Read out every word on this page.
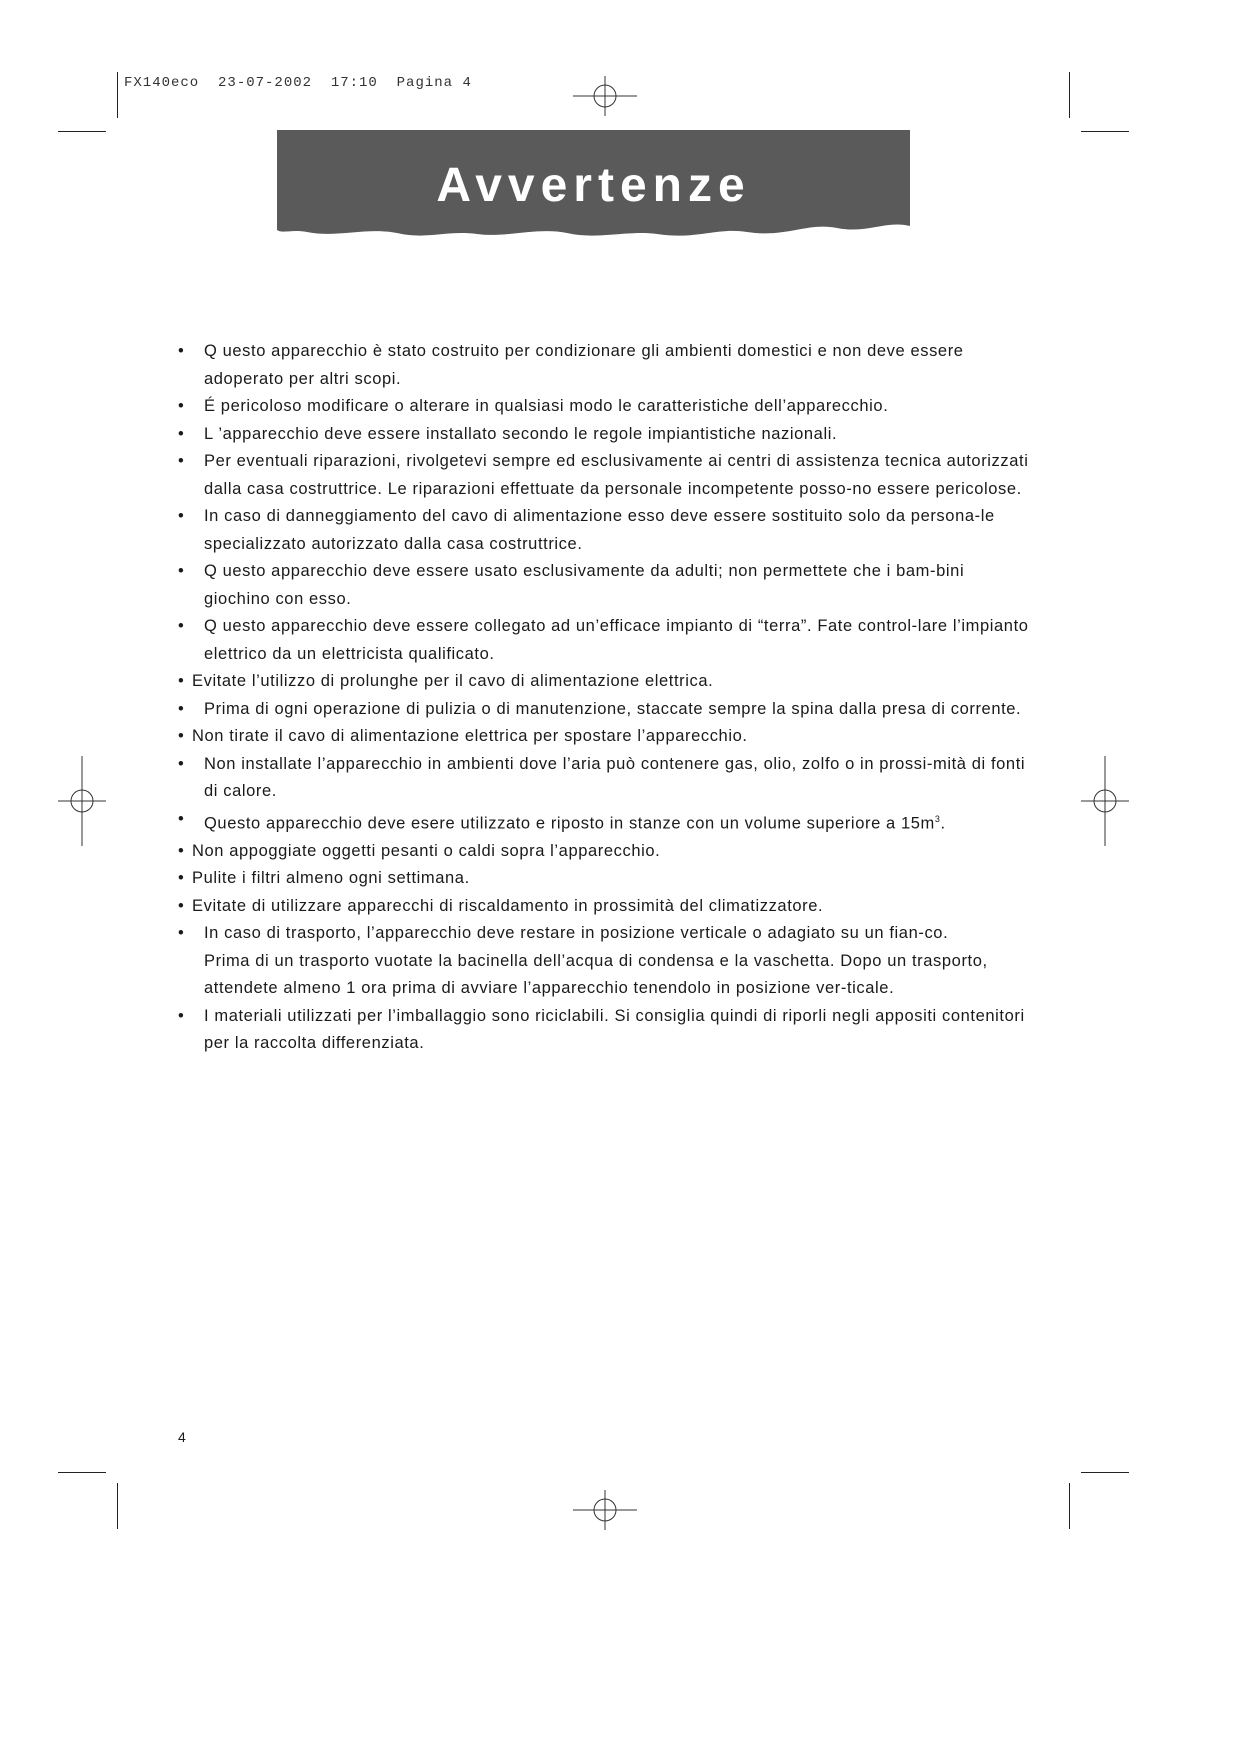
FX140eco  23-07-2002  17:10  Pagina 4
Avvertenze
• Q uesto apparecchio è stato costruito per condizionare gli ambienti domestici e non deve essere adoperato per altri scopi.
• É pericoloso modificare o alterare in qualsiasi modo le caratteristiche dell’apparecchio.
• L ’apparecchio deve essere installato secondo le regole impiantistiche nazionali.
• Per eventuali riparazioni, rivolgetevi sempre ed esclusivamente ai centri di assistenza tecnica autorizzati dalla casa costruttrice. Le riparazioni effettuate da personale incompetente posso-no essere pericolose.
• In caso di danneggiamento del cavo di alimentazione esso deve essere sostituito solo da persona-le specializzato autorizzato dalla casa costruttrice.
• Q uesto apparecchio deve essere usato esclusivamente da adulti; non permettete che i bam-bini giochino con esso.
• Q uesto apparecchio deve essere collegato ad un’efficace impianto di “terra”. Fate control-lare l’impianto elettrico da un elettricista qualificato.
• Evitate l’utilizzo di prolunghe per il cavo di alimentazione elettrica.
• Prima di ogni operazione di pulizia o di manutenzione, staccate sempre la spina dalla presa di corrente.
• Non tirate il cavo di alimentazione elettrica per spostare l’apparecchio.
• Non installate l’apparecchio in ambienti dove l’aria può contenere gas, olio, zolfo o in prossi-mità di fonti di calore.
• Questo apparecchio deve esere utilizzato e riposto in stanze con un volume superiore a $15m^3$.
• Non appoggiate oggetti pesanti o caldi sopra l’apparecchio.
• Pulite i filtri almeno ogni settimana.
• Evitate di utilizzare apparecchi di riscaldamento in prossimità del climatizzatore.
• In caso di trasporto, l’apparecchio deve restare in posizione verticale o adagiato su un fian-co.
Prima di un trasporto vuotate la bacinella dell’acqua di condensa e la vaschetta. Dopo un trasporto, attendete almeno 1 ora prima di avviare l’apparecchio tenendolo in posizione ver-ticale.
• I materiali utilizzati per l’imballaggio sono riciclabili. Si consiglia quindi di riporli negli appositi contenitori per la raccolta differenziata.
4
